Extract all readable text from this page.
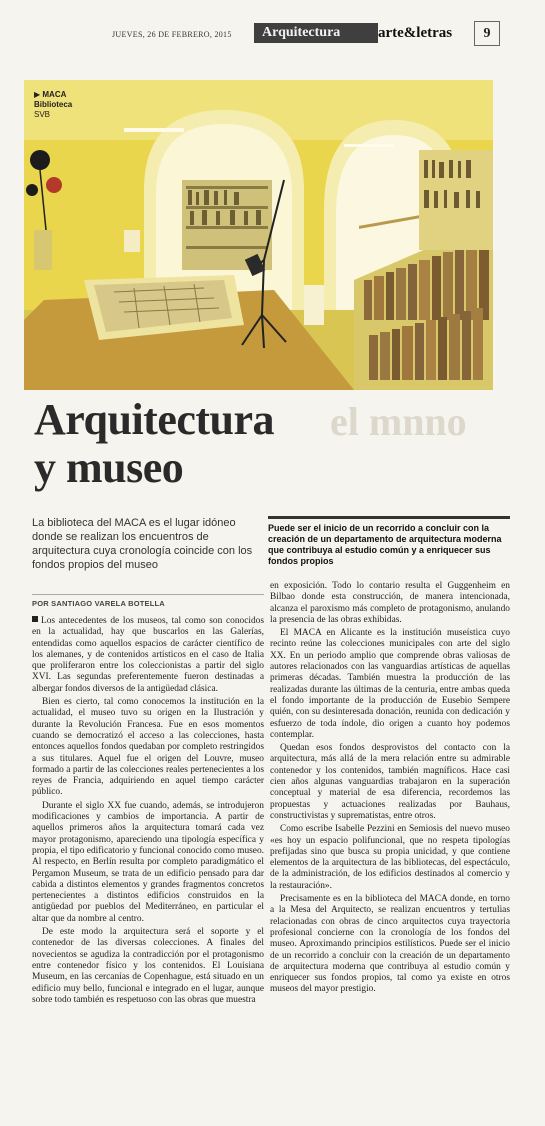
JUEVES, 26 DE FEBRERO, 2015	Arquitectura	arte&letras	9
▶ MACA
Biblioteca
SVB
el mnno
Arquitectura
y museo
La biblioteca del MACA es el lugar idóneo donde se realizan los encuentros de arquitectura cuya cronología coincide con los fondos propios del museo
Puede ser el inicio de un recorrido a concluir con la creación de un departamento de arquitectura moderna que contribuya al estudio común y a enriquecer sus fondos propios
POR SANTIAGO VARELA BOTELLA

Los antecedentes de los museos, tal como son conocidos en la actualidad, hay que buscarlos en las Galerías, entendidas como aquellos espacios de carácter científico de los alemanes, y de contenidos artísticos en el caso de Italia que proliferaron entre los coleccionistas a partir del siglo XVI. Las segundas preferentemente fueron destinadas a albergar fondos diversos de la antigüedad clásica.

Bien es cierto, tal como conocemos la institución en la actualidad, el museo tuvo su origen en la Ilustración y durante la Revolución Francesa. Fue en esos momentos cuando se democratizó el acceso a las colecciones, hasta entonces aquellos fondos quedaban por completo restringidos a sus titulares. Aquel fue el origen del Louvre, museo formado a partir de las colecciones reales pertenecientes a los reyes de Francia, adquiriendo en aquel tiempo carácter público.

Durante el siglo XX fue cuando, además, se introdujeron modificaciones y cambios de importancia. A partir de aquellos primeros años la arquitectura tomará cada vez mayor protagonismo, apareciendo una tipología específica y propia, el tipo edificatorio y funcional conocido como museo. Al respecto, en Berlín resulta por completo paradigmático el Pergamon Museum, se trata de un edificio pensado para dar cabida a distintos elementos y grandes fragmentos concretos pertenecientes a distintos edificios construidos en la antigüedad por pueblos del Mediterráneo, en particular el altar que da nombre al centro.

De este modo la arquitectura será el soporte y el contenedor de las diversas colecciones. A finales del novecientos se agudiza la contradicción por el protagonismo entre contenedor físico y los contenidos. El Louisiana Museum, en las cercanías de Copenhague, está situado en un edificio muy bello, funcional e integrado en el lugar, aunque sobre todo también es respetuoso con las obras que muestra

en exposición. Todo lo contario resulta el Guggenheim en Bilbao donde esta construcción, de manera intencionada, alcanza el paroxismo más completo de protagonismo, anulando la presencia de las obras exhibidas.

El MACA en Alicante es la institución museística cuyo recinto reúne las colecciones municipales con arte del siglo XX. En un periodo amplio que comprende obras valiosas de autores relacionados con las vanguardias artísticas de aquellas primeras décadas. También muestra la producción de las realizadas durante las últimas de la centuria, entre ambas queda el fondo importante de la producción de Eusebio Sempere quién, con su desinteresada donación, reunida con dedicación y esfuerzo de toda índole, dio origen a cuanto hoy podemos contemplar.

Quedan esos fondos desprovistos del contacto con la arquitectura, más allá de la mera relación entre su admirable contenedor y los contenidos, también magníficos. Hace casi cien años algunas vanguardias trabajaron en la superación conceptual y material de esa diferencia, recordemos las propuestas y actuaciones realizadas por Bauhaus, constructivistas y suprematistas, entre otros.

Como escribe Isabelle Pezzini en Semiosis del nuevo museo «es hoy un espacio polifuncional, que no respeta tipologías prefijadas sino que busca su propia unicidad, y que contiene elementos de la arquitectura de las bibliotecas, del espectáculo, de la administración, de los edificios destinados al comercio y la restauración».

Precisamente es en la biblioteca del MACA donde, en torno a la Mesa del Arquitecto, se realizan encuentros y tertulias relacionadas con obras de cinco arquitectos cuya trayectoria profesional concierne con la cronología de los fondos del museo. Aproximando principios estilísticos. Puede ser el inicio de un recorrido a concluir con la creación de un departamento de arquitectura moderna que contribuya al estudio común y enriquecer sus fondos propios, tal como ya existe en otros museos del mayor prestigio.
